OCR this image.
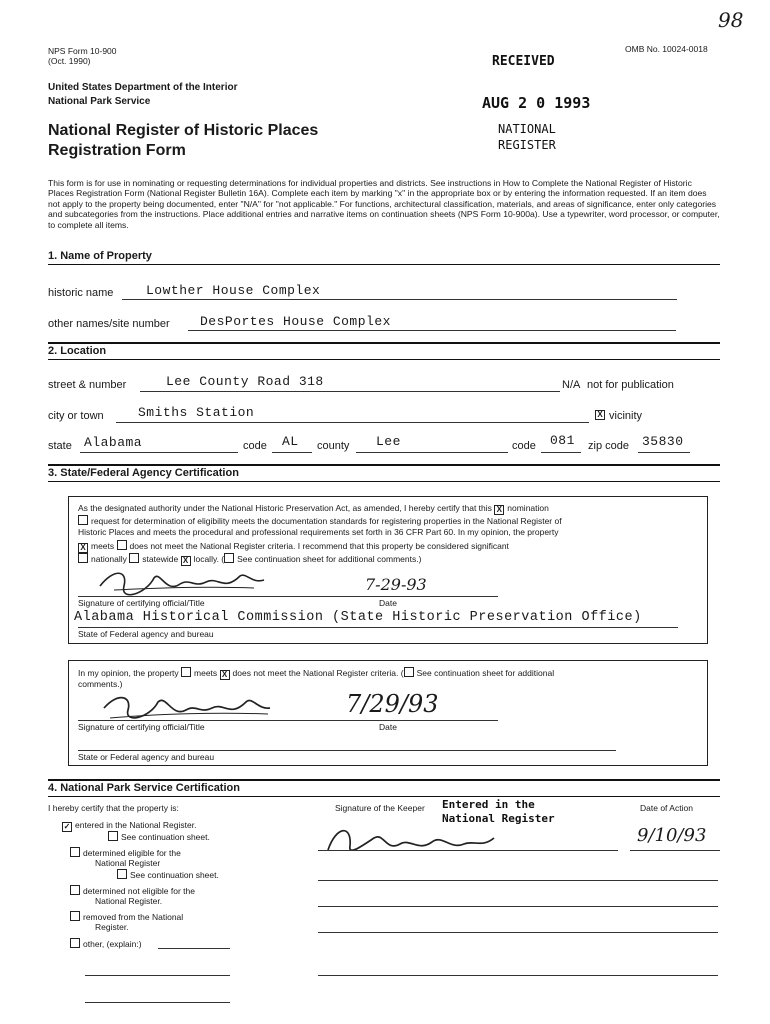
98
NPS Form 10-900
(Oct. 1990)
OMB No. 10024-0018
United States Department of the Interior
National Park Service
National Register of Historic Places
Registration Form
RECEIVED
AUG 2 0 1993
NATIONAL
REGISTER
This form is for use in nominating or requesting determinations for individual properties and districts. See instructions in How to Complete the National Register of Historic Places Registration Form (National Register Bulletin 16A). Complete each item by marking "x" in the appropriate box or by entering the information requested. If an item does not apply to the property being documented, enter "N/A" for "not applicable." For functions, architectural classification, materials, and areas of significance, enter only categories and subcategories from the instructions. Place additional entries and narrative items on continuation sheets (NPS Form 10-900a). Use a typewriter, word processor, or computer, to complete all items.
1. Name of Property
historic name	Lowther House Complex
other names/site number DesPortes House Complex
2. Location
street & number	Lee County Road 318	N/A not for publication
city or town	Smiths Station	X vicinity
state Alabama	code AL county Lee	code 081 zip code 35830
3. State/Federal Agency Certification
As the designated authority under the National Historic Preservation Act, as amended, I hereby certify that this X nomination
request for determination of eligibility meets the documentation standards for registering properties in the National Register of
Historic Places and meets the procedural and professional requirements set forth in 36 CFR Part 60. In my opinion, the property
X meets does not meet the National Register criteria. I recommend that this property be considered significant
nationally statewide X locally. ( See continuation sheet for additional comments.)
7-29-93
Signature of certifying official/Title	Date
Alabama Historical Commission (State Historic Preservation Office)
State of Federal agency and bureau
In my opinion, the property meets X does not meet the National Register criteria. ( See continuation sheet for additional
comments.)
7/29/93
Signature of certifying official/Title	Date
State or Federal agency and bureau
4. National Park Service Certification
I hereby certify that the property is:	Signature of the Keeper	Date of Action
Entered in the
National Register
9/10/93
✓ entered in the National Register.
See continuation sheet.
determined eligible for the
National Register
See continuation sheet.
determined not eligible for the
National Register.
removed from the National
Register.
other, (explain:)
